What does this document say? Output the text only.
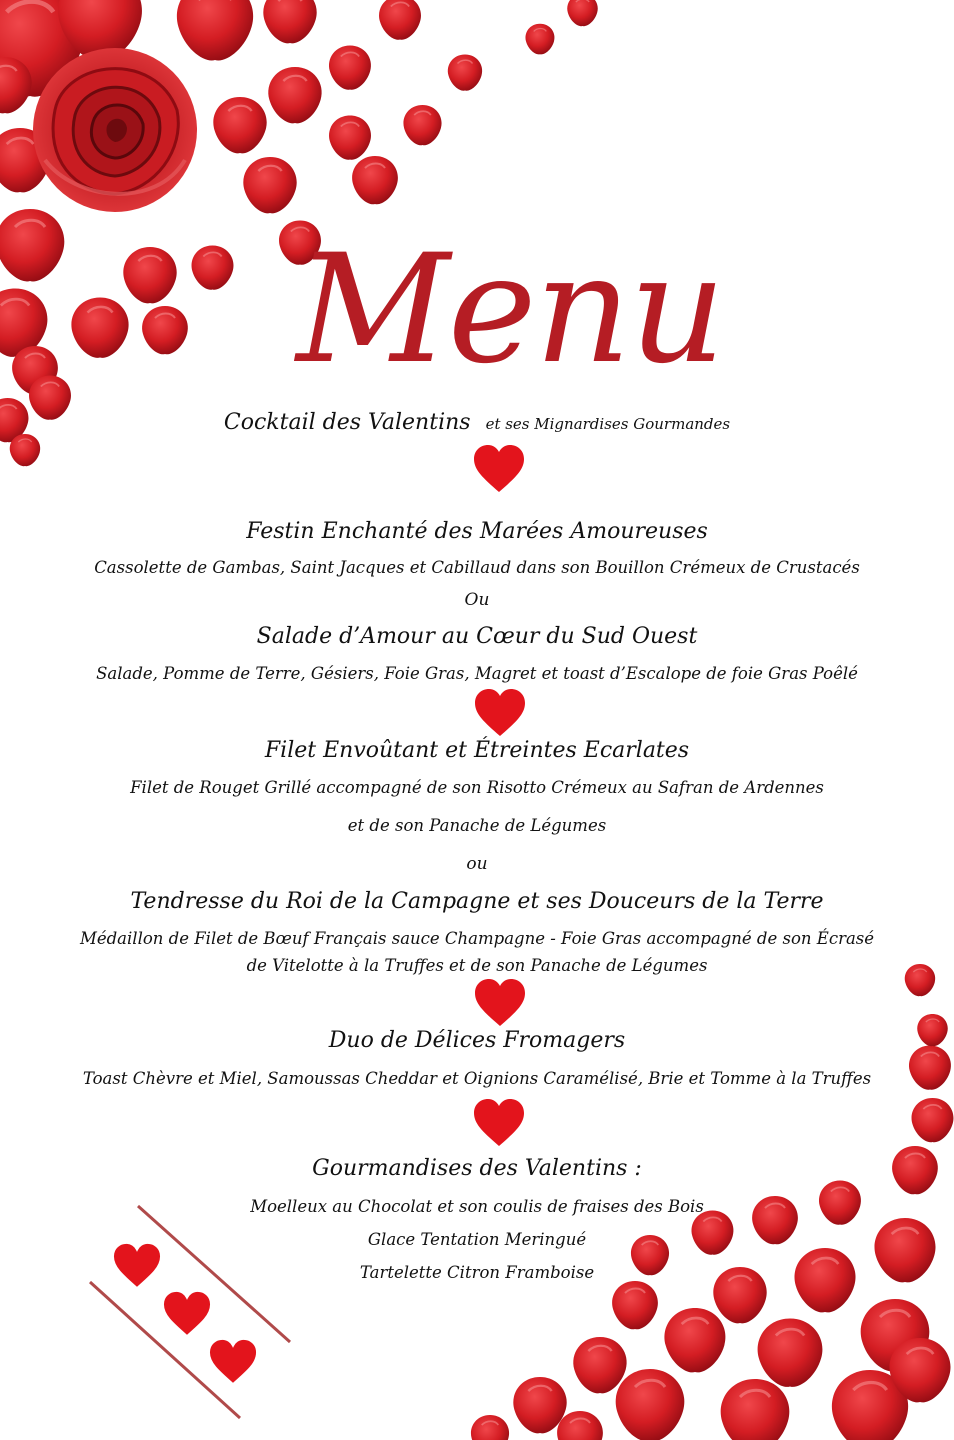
Menu
Cocktail des Valentins et ses Mignardises Gourmandes
Festin Enchanté des Marées Amoureuses
Cassolette de Gambas, Saint Jacques et Cabillaud dans son Bouillon Crémeux de Crustacés
Ou
Salade d’Amour au Cœur du Sud Ouest
Salade, Pomme de Terre, Gésiers, Foie Gras, Magret et toast d’Escalope de foie Gras Poêlé
Filet Envoûtant et Étreintes Ecarlates
Filet de Rouget Grillé accompagné de son Risotto Crémeux au Safran de Ardennes
et de son Panache de Légumes
ou
Tendresse du Roi de la Campagne et ses Douceurs de la Terre
Médaillon de Filet de Bœuf Français sauce Champagne - Foie Gras accompagné de son Écrasé
de Vitelotte à la Truffes et de son Panache de Légumes
Duo de Délices Fromagers
Toast Chèvre et Miel, Samoussas Cheddar et Oignions Caramélisé, Brie et Tomme à la Truffes
Gourmandises des Valentins :
Moelleux au Chocolat et son coulis de fraises des Bois
Glace Tentation Meringué
Tartelette Citron Framboise
